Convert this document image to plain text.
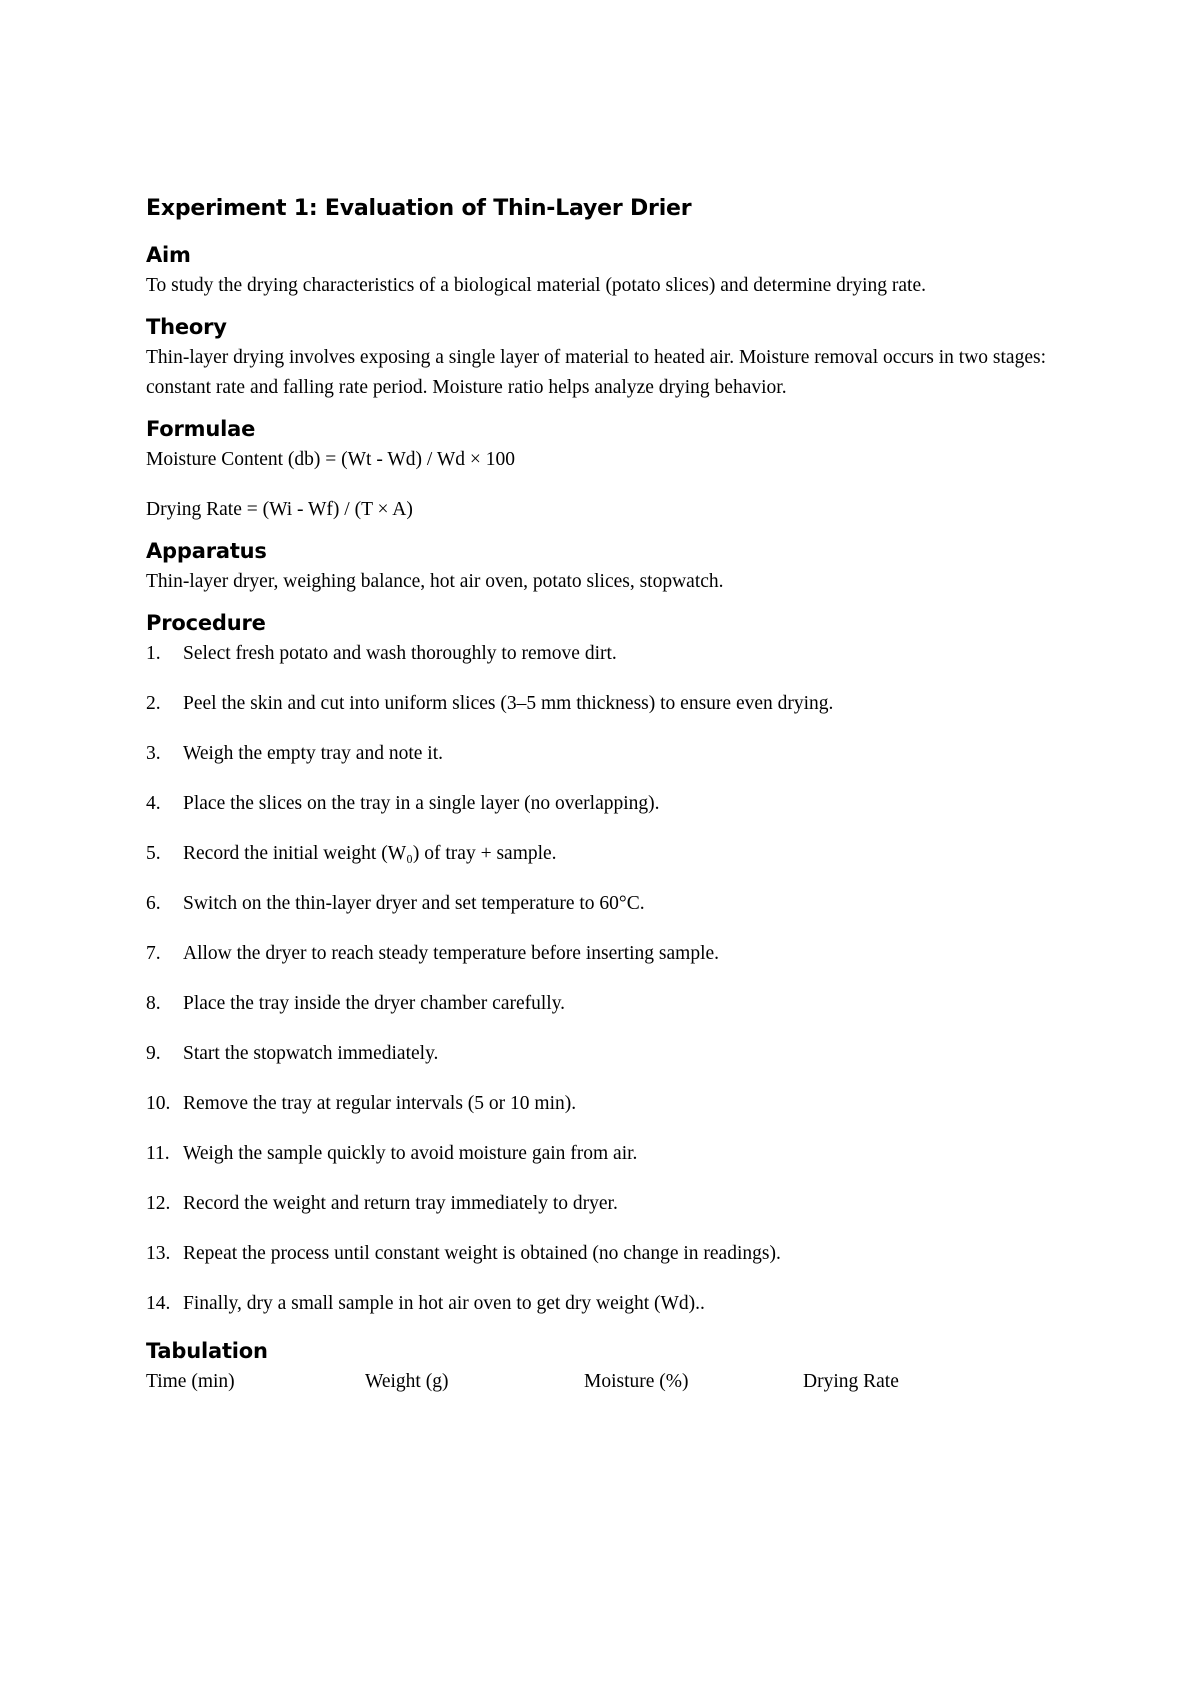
Experiment 1: Evaluation of Thin-Layer Drier
Aim

To study the drying characteristics of a biological material (potato slices) and determine drying rate.

Theory

Thin-layer drying involves exposing a single layer of material to heated air. Moisture removal occurs in two stages: constant rate and falling rate period. Moisture ratio helps analyze drying behavior.

Formulae

Moisture Content (db) = (Wt - Wd) / Wd × 100

Drying Rate = (Wi - Wf) / (T × A)

Apparatus

Thin-layer dryer, weighing balance, hot air oven, potato slices, stopwatch.

Procedure
1.	Select fresh potato and wash thoroughly to remove dirt.
2.	Peel the skin and cut into uniform slices (3–5 mm thickness) to ensure even drying.
3.	Weigh the empty tray and note it.
4.	Place the slices on the tray in a single layer (no overlapping).
5.	Record the initial weight (W₀) of tray + sample.
6.	Switch on the thin-layer dryer and set temperature to 60°C.
7.	Allow the dryer to reach steady temperature before inserting sample.
8.	Place the tray inside the dryer chamber carefully.
9.	Start the stopwatch immediately.
10. Remove the tray at regular intervals (5 or 10 min).
11. Weigh the sample quickly to avoid moisture gain from air.
12. Record the weight and return tray immediately to dryer.
13. Repeat the process until constant weight is obtained (no change in readings).
14. Finally, dry a small sample in hot air oven to get dry weight (Wd)..
Tabulation
Time (min)	Weight (g)	Moisture (%)	Drying Rate
